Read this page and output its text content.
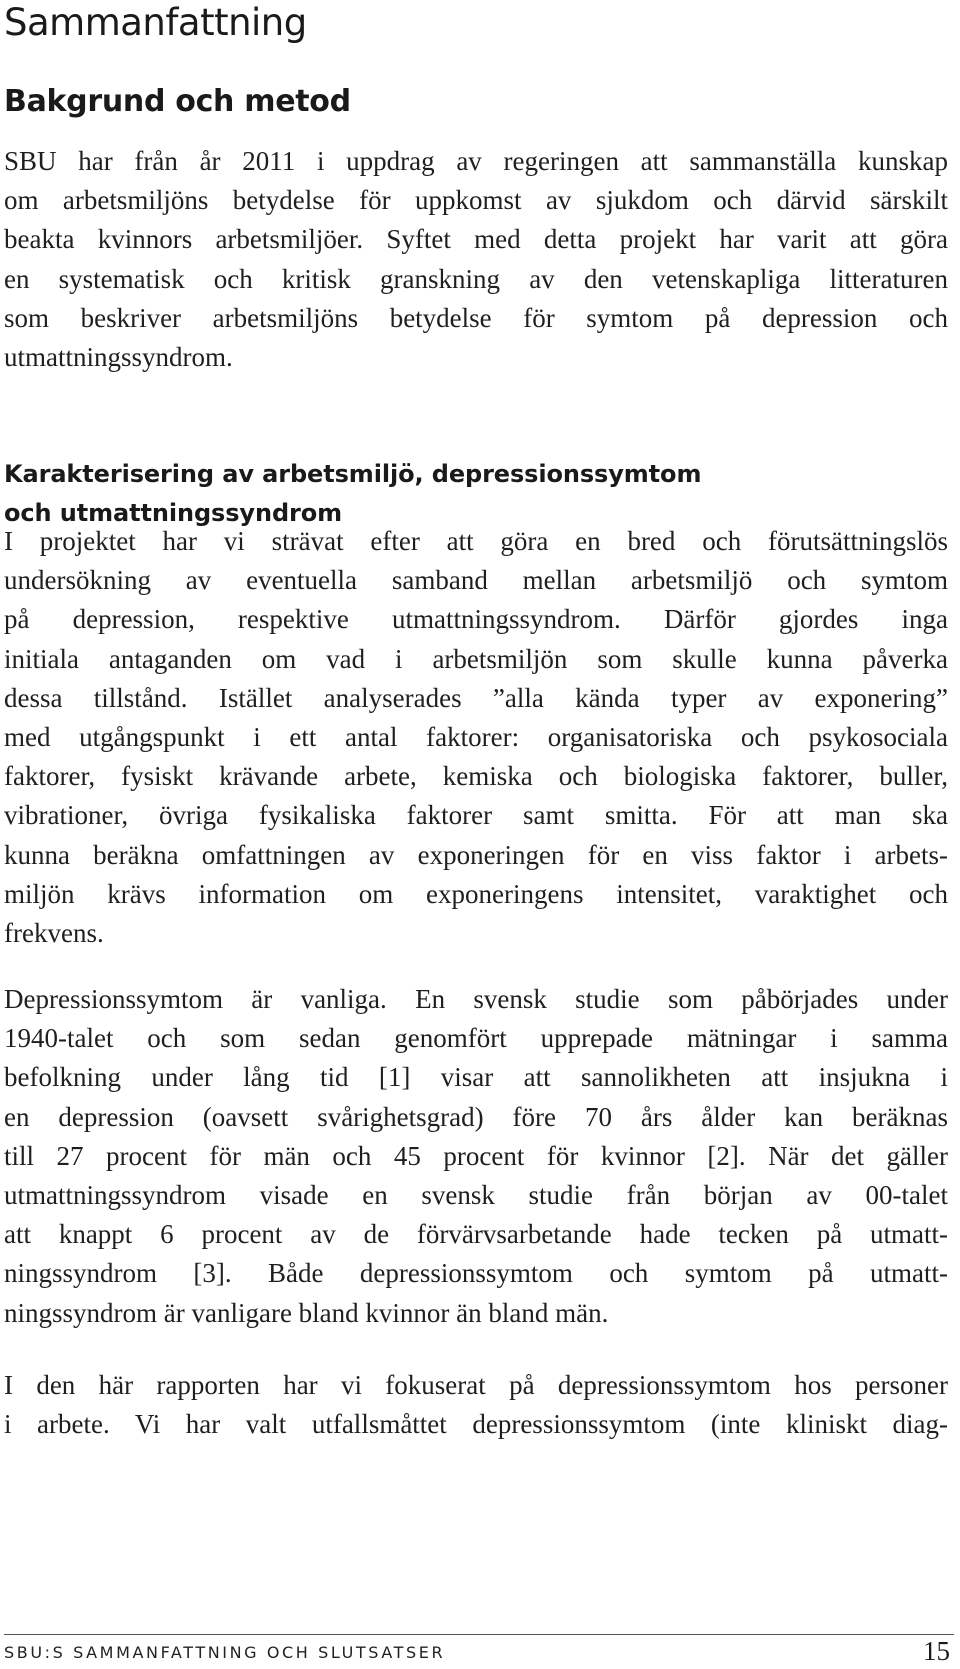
Sammanfattning
Bakgrund och metod

SBU har från år 2011 i uppdrag av regeringen att sammanställa kunskap
om arbetsmiljöns betydelse för uppkomst av sjukdom och därvid särskilt
beakta kvinnors arbetsmiljöer. Syftet med detta projekt har varit att göra
en systematisk och kritisk granskning av den vetenskapliga litteraturen
som beskriver arbetsmiljöns betydelse för symtom på depression och
utmattningssyndrom.

Karakterisering av arbetsmiljö, depressionssymtom
och utmattningssyndrom

I projektet har vi strävat efter att göra en bred och förutsättningslös
undersökning av eventuella samband mellan arbetsmiljö och symtom
på depression, respektive utmattningssyndrom. Därför gjordes inga
initiala antaganden om vad i arbetsmiljön som skulle kunna påverka
dessa tillstånd. Istället analyserades ”alla kända typer av exponering”
med utgångspunkt i ett antal faktorer: organisatoriska och psykosociala
faktorer, fysiskt krävande arbete, kemiska och biologiska faktorer, buller,
vibrationer, övriga fysikaliska faktorer samt smitta. För att man ska
kunna beräkna omfattningen av exponeringen för en viss faktor i arbets-
miljön krävs information om exponeringens intensitet, varaktighet och
frekvens.

Depressionssymtom är vanliga. En svensk studie som påbörjades under
1940-talet och som sedan genomfört upprepade mätningar i samma
befolkning under lång tid [1] visar att sannolikheten att insjukna i
en depression (oavsett svårighetsgrad) före 70 års ålder kan beräknas
till 27 procent för män och 45 procent för kvinnor [2]. När det gäller
utmattningssyndrom visade en svensk studie från början av 00-talet
att knappt 6 procent av de förvärvsarbetande hade tecken på utmatt-
ningssyndrom [3]. Både depressionssymtom och symtom på utmatt-
ningssyndrom är vanligare bland kvinnor än bland män.

I den här rapporten har vi fokuserat på depressionssymtom hos personer
i arbete. Vi har valt utfallsmåttet depressionssymtom (inte kliniskt diag-

SBU:S SAMMANFATTNING OCH SLUTSATSER	15
